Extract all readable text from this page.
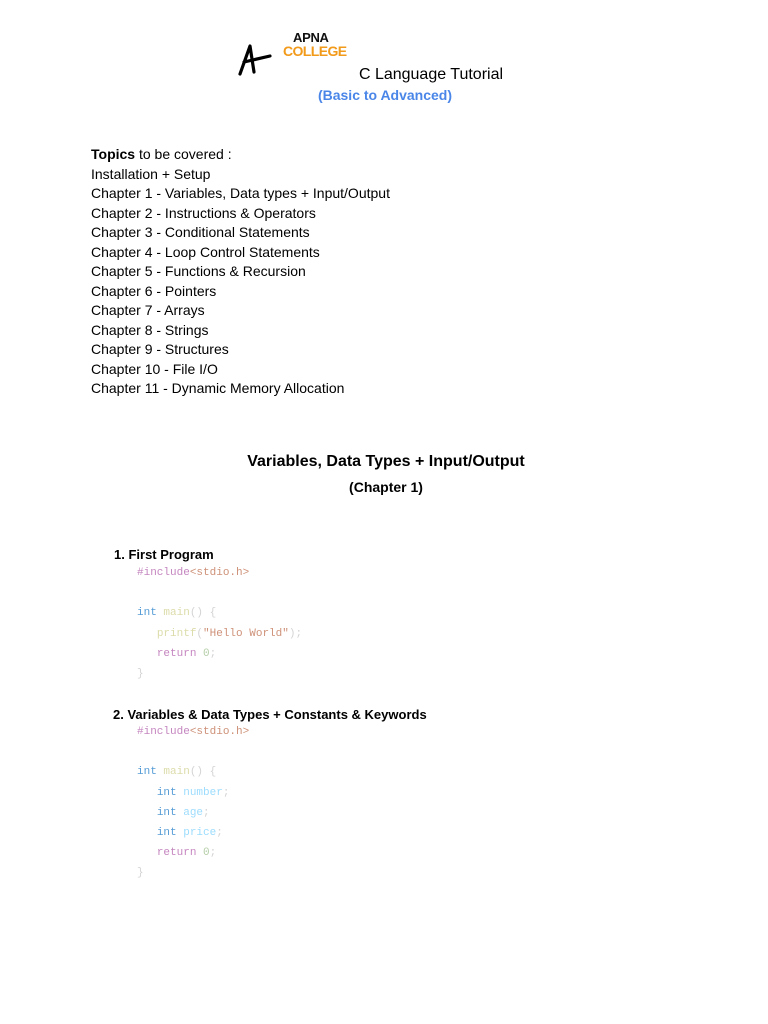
APNA
COLLEGE
C Language Tutorial
(Basic to Advanced)
Topics to be covered :
Installation + Setup
Chapter 1 - Variables, Data types + Input/Output
Chapter 2 - Instructions & Operators
Chapter 3 - Conditional Statements
Chapter 4 - Loop Control Statements
Chapter 5 - Functions & Recursion
Chapter 6 - Pointers
Chapter 7 - Arrays
Chapter 8 - Strings
Chapter 9 - Structures
Chapter 10 - File I/O
Chapter 11 - Dynamic Memory Allocation
Variables, Data Types + Input/Output
(Chapter 1)
1. First Program
#include<stdio.h>

int main() {
printf("Hello World");
return 0;
}
2. Variables & Data Types + Constants & Keywords
#include<stdio.h>

int main() {
int number;
int age;
int price;
return 0;
}
